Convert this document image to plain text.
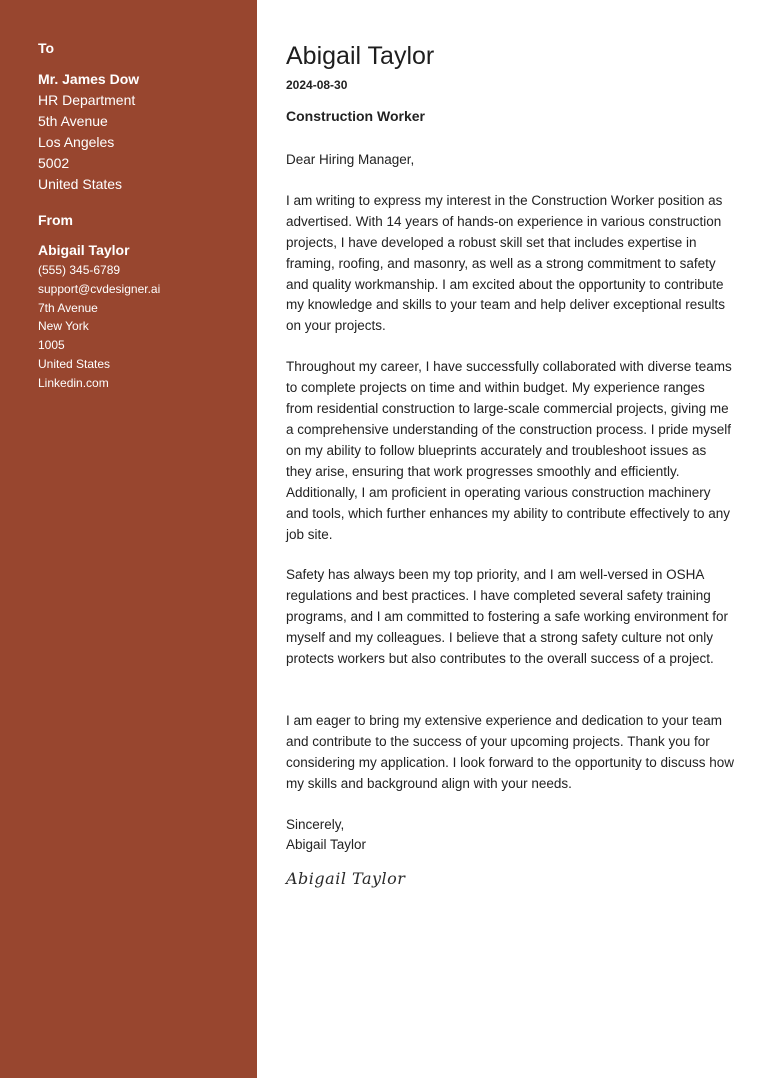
To
Mr. James Dow
HR Department
5th Avenue
Los Angeles
5002
United States
From
Abigail Taylor
(555) 345-6789
support@cvdesigner.ai
7th Avenue
New York
1005
United States
Linkedin.com
Abigail Taylor
2024-08-30
Construction Worker

Dear Hiring Manager,

I am writing to express my interest in the Construction Worker position as advertised. With 14 years of hands-on experience in various construction projects, I have developed a robust skill set that includes expertise in framing, roofing, and masonry, as well as a strong commitment to safety and quality workmanship. I am excited about the opportunity to contribute my knowledge and skills to your team and help deliver exceptional results on your projects.

Throughout my career, I have successfully collaborated with diverse teams to complete projects on time and within budget. My experience ranges from residential construction to large-scale commercial projects, giving me a comprehensive understanding of the construction process. I pride myself on my ability to follow blueprints accurately and troubleshoot issues as they arise, ensuring that work progresses smoothly and efficiently. Additionally, I am proficient in operating various construction machinery and tools, which further enhances my ability to contribute effectively to any job site.

Safety has always been my top priority, and I am well-versed in OSHA regulations and best practices. I have completed several safety training programs, and I am committed to fostering a safe working environment for myself and my colleagues. I believe that a strong safety culture not only protects workers but also contributes to the overall success of a project.

I am eager to bring my extensive experience and dedication to your team and contribute to the success of your upcoming projects. Thank you for considering my application. I look forward to the opportunity to discuss how my skills and background align with your needs.

Sincerely,

Abigail Taylor

Abigail Taylor
